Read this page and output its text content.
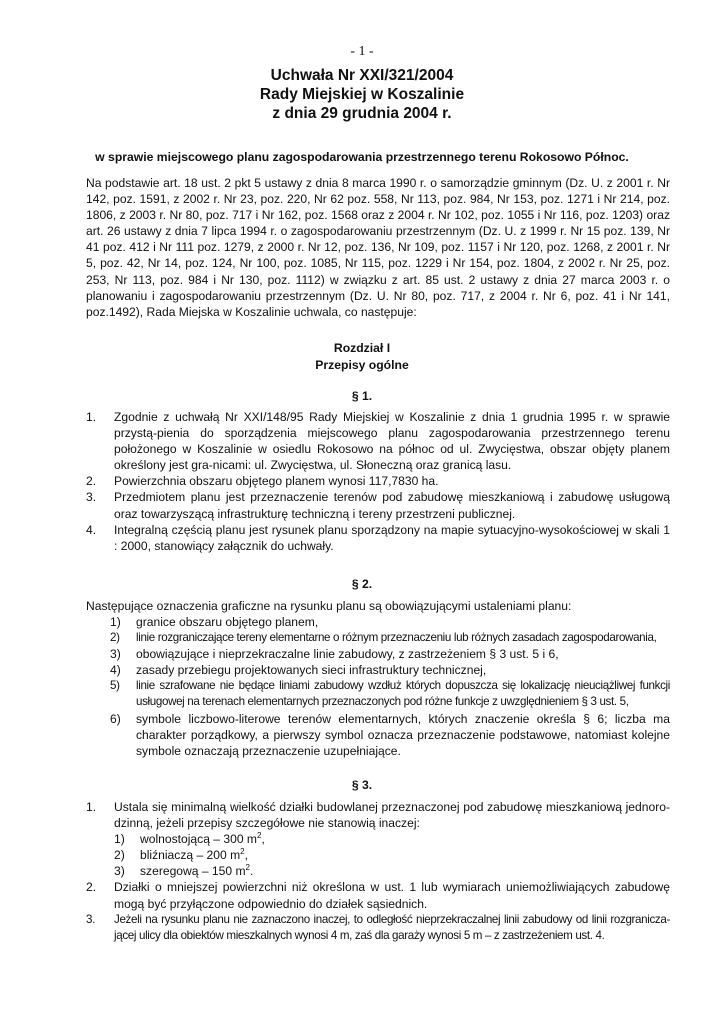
- 1 -
Uchwała Nr XXI/321/2004
Rady Miejskiej w Koszalinie
z dnia 29 grudnia 2004 r.
w sprawie miejscowego planu zagospodarowania przestrzennego terenu Rokosowo Północ.
Na podstawie art. 18 ust. 2 pkt 5 ustawy z dnia 8 marca 1990 r. o samorządzie gminnym (Dz. U. z 2001 r. Nr 142, poz. 1591, z 2002 r. Nr 23, poz. 220, Nr 62 poz. 558, Nr 113, poz. 984, Nr 153, poz. 1271 i Nr 214, poz. 1806, z 2003 r. Nr 80, poz. 717 i Nr 162, poz. 1568 oraz z 2004 r. Nr 102, poz. 1055 i Nr 116, poz. 1203) oraz art. 26 ustawy z dnia 7 lipca 1994 r. o zagospodarowaniu przestrzennym (Dz. U. z 1999 r. Nr 15 poz. 139, Nr 41 poz. 412 i Nr 111 poz. 1279, z 2000 r. Nr 12, poz. 136, Nr 109, poz. 1157 i Nr 120, poz. 1268, z 2001 r. Nr 5, poz. 42, Nr 14, poz. 124, Nr 100, poz. 1085, Nr 115, poz. 1229 i Nr 154, poz. 1804, z 2002 r. Nr 25, poz. 253, Nr 113, poz. 984 i Nr 130, poz. 1112) w związku z art. 85 ust. 2 ustawy z dnia 27 marca 2003 r. o planowaniu i zagospodarowaniu przestrzennym (Dz. U. Nr 80, poz. 717, z 2004 r. Nr 6, poz. 41 i Nr 141, poz.1492), Rada Miejska w Koszalinie uchwala, co następuje:
Rozdział I
Przepisy ogólne
§ 1.
1. Zgodnie z uchwałą Nr XXI/148/95 Rady Miejskiej w Koszalinie z dnia 1 grudnia 1995 r. w sprawie przystą-pienia do sporządzenia miejscowego planu zagospodarowania przestrzennego terenu położonego w Koszalinie w osiedlu Rokosowo na północ od ul. Zwycięstwa, obszar objęty planem określony jest gra-nicami: ul. Zwycięstwa, ul. Słoneczną oraz granicą lasu.
2. Powierzchnia obszaru objętego planem wynosi 117,7830 ha.
3. Przedmiotem planu jest przeznaczenie terenów pod zabudowę mieszkaniową i zabudowę usługową oraz towarzyszącą infrastrukturę techniczną i tereny przestrzeni publicznej.
4. Integralną częścią planu jest rysunek planu sporządzony na mapie sytuacyjno-wysokościowej w skali 1 : 2000, stanowiący załącznik do uchwały.
§ 2.
Następujące oznaczenia graficzne na rysunku planu są obowiązującymi ustaleniami planu:
1) granice obszaru objętego planem,
2) linie rozgraniczające tereny elementarne o różnym przeznaczeniu lub różnych zasadach zagospodarowania,
3) obowiązujące i nieprzekraczalne linie zabudowy, z zastrzeżeniem § 3 ust. 5 i 6,
4) zasady przebiegu projektowanych sieci infrastruktury technicznej,
5) linie szrafowane nie będące liniami zabudowy wzdłuż których dopuszcza się lokalizację nieuciążliwej funkcji usługowej na terenach elementarnych przeznaczonych pod różne funkcje z uwzględnieniem § 3 ust. 5,
6) symbole liczbowo-literowe terenów elementarnych, których znaczenie określa § 6; liczba ma charakter porządkowy, a pierwszy symbol oznacza przeznaczenie podstawowe, natomiast kolejne symbole oznaczają przeznaczenie uzupełniające.
§ 3.
1. Ustala się minimalną wielkość działki budowlanej przeznaczonej pod zabudowę mieszkaniową jednoro-dzinną, jeżeli przepisy szczegółowe nie stanowią inaczej:
1) wolnostojącą – 300 $m^2$,
2) bliźniaczą – 200 $m^2$,
3) szeregową – 150 $m^2$.
2. Działki o mniejszej powierzchni niż określona w ust. 1 lub wymiarach uniemożliwiających zabudowę mogą być przyłączone odpowiednio do działek sąsiednich.
3. Jeżeli na rysunku planu nie zaznaczono inaczej, to odległość nieprzekraczalnej linii zabudowy od linii rozgranicza-jącej ulicy dla obiektów mieszkalnych wynosi 4 m, zaś dla garaży wynosi 5 m – z zastrzeżeniem ust. 4.
